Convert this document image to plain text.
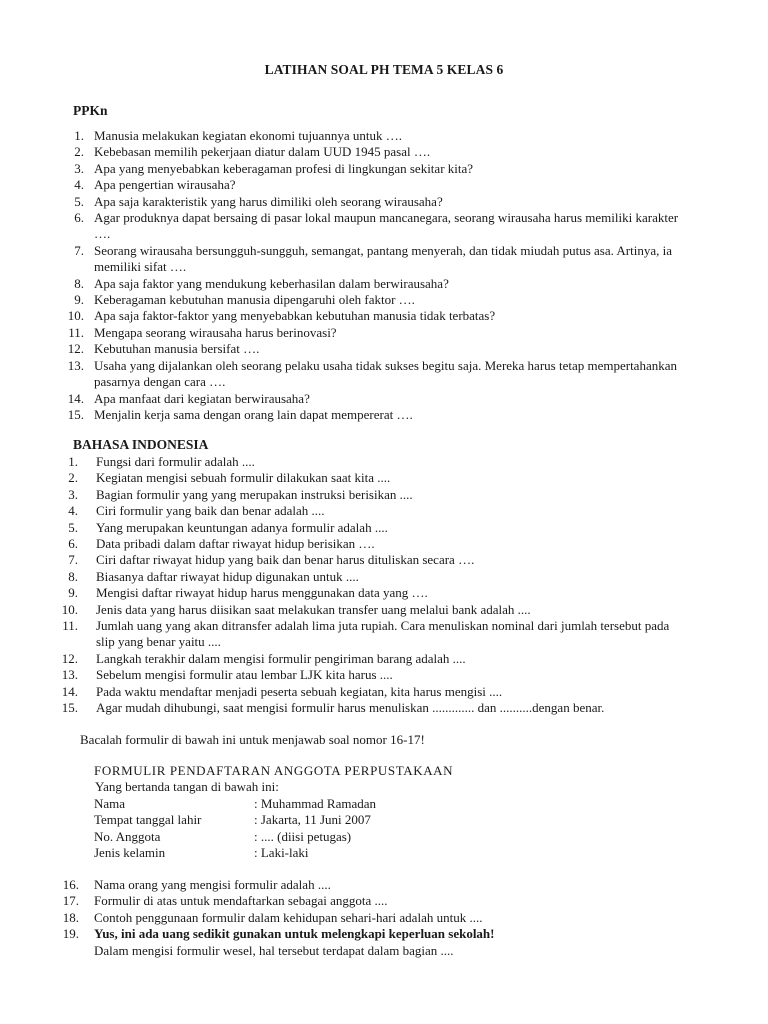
LATIHAN SOAL PH TEMA 5 KELAS 6
PPKn
1. Manusia melakukan kegiatan ekonomi tujuannya untuk ….
2. Kebebasan memilih pekerjaan diatur dalam UUD 1945 pasal ….
3. Apa yang menyebabkan keberagaman profesi di lingkungan sekitar kita?
4. Apa pengertian wirausaha?
5. Apa saja karakteristik yang harus dimiliki oleh seorang wirausaha?
6. Agar produknya dapat bersaing di pasar lokal maupun mancanegara, seorang wirausaha harus memiliki karakter ….
7. Seorang wirausaha bersungguh-sungguh, semangat, pantang menyerah, dan tidak miudah putus asa. Artinya, ia memiliki sifat ….
8. Apa saja faktor yang mendukung keberhasilan dalam berwirausaha?
9. Keberagaman kebutuhan manusia dipengaruhi oleh faktor ….
10. Apa saja faktor-faktor yang menyebabkan kebutuhan manusia tidak terbatas?
11. Mengapa seorang wirausaha harus berinovasi?
12. Kebutuhan manusia bersifat ….
13. Usaha yang dijalankan oleh seorang pelaku usaha tidak sukses begitu saja. Mereka harus tetap mempertahankan pasarnya dengan cara ….
14. Apa manfaat dari kegiatan berwirausaha?
15. Menjalin kerja sama dengan orang lain dapat mempererat ….
BAHASA INDONESIA
1. Fungsi dari formulir adalah ....
2. Kegiatan mengisi sebuah formulir dilakukan saat kita ....
3. Bagian formulir yang yang merupakan instruksi berisikan ....
4. Ciri formulir yang baik dan benar adalah ....
5. Yang merupakan keuntungan adanya formulir adalah ....
6. Data pribadi dalam daftar riwayat hidup berisikan ….
7. Ciri daftar riwayat hidup yang baik dan benar harus dituliskan secara ….
8. Biasanya daftar riwayat hidup digunakan untuk ....
9. Mengisi daftar riwayat hidup harus menggunakan data yang ….
10. Jenis data yang harus diisikan saat melakukan transfer uang melalui bank adalah ....
11. Jumlah uang yang akan ditransfer adalah lima juta rupiah. Cara menuliskan nominal dari jumlah tersebut pada slip yang benar yaitu ....
12. Langkah terakhir dalam mengisi formulir pengiriman barang adalah ....
13. Sebelum mengisi formulir atau lembar LJK kita harus ....
14. Pada waktu mendaftar menjadi peserta sebuah kegiatan, kita harus mengisi ....
15. Agar mudah dihubungi, saat mengisi formulir harus menuliskan ............. dan ..........dengan benar.
Bacalah formulir di bawah ini untuk menjawab soal nomor 16-17!
FORMULIR PENDAFTARAN ANGGOTA PERPUSTAKAAN
Yang bertanda tangan di bawah ini:
Nama	: Muhammad Ramadan
Tempat tanggal lahir	: Jakarta, 11 Juni 2007
No. Anggota	: .... (diisi petugas)
Jenis kelamin	: Laki-laki
16. Nama orang yang mengisi formulir adalah ....
17. Formulir di atas untuk mendaftarkan sebagai anggota ....
18. Contoh penggunaan formulir dalam kehidupan sehari-hari adalah untuk ....
19. Yus, ini ada uang sedikit gunakan untuk melengkapi keperluan sekolah!
Dalam mengisi formulir wesel, hal tersebut terdapat dalam bagian ....
